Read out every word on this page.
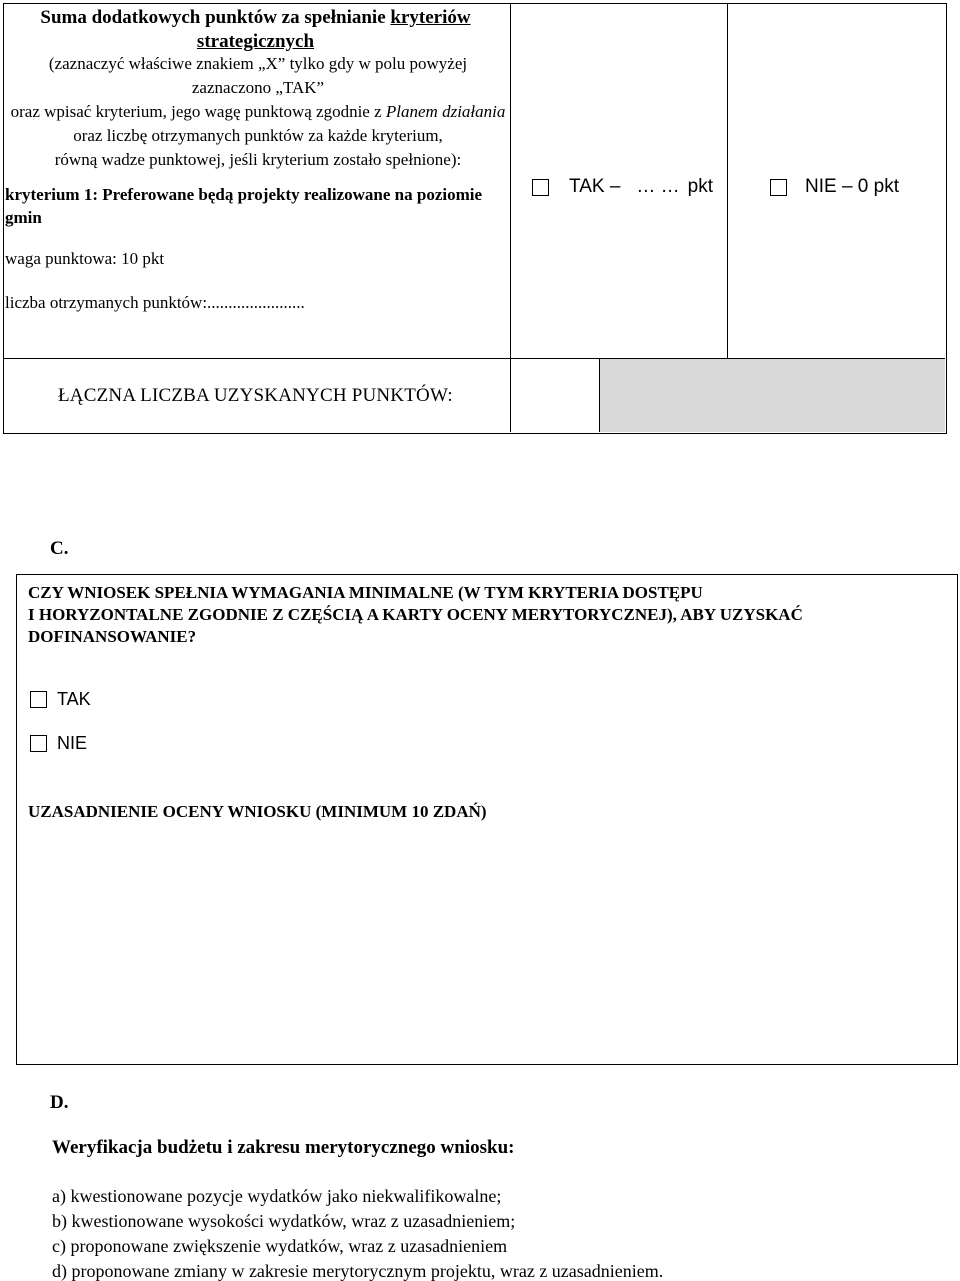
Suma dodatkowych punktów za spełnianie kryteriów strategicznych
(zaznaczyć właściwe znakiem „X” tylko gdy w polu powyżej
zaznaczono „TAK”
oraz wpisać kryterium, jego wagę punktową zgodnie z Planem działania oraz liczbę otrzymanych punktów za każde kryterium,
równą wadze punktowej, jeśli kryterium zostało spełnione):
kryterium 1: Preferowane będą projekty realizowane na poziomie gmin
waga punktowa: 10 pkt
liczba otrzymanych punktów:.......................
TAK – … … pkt	NIE – 0 pkt
ŁĄCZNA LICZBA UZYSKANYCH PUNKTÓW:
C.
CZY WNIOSEK SPEŁNIA WYMAGANIA MINIMALNE (W TYM KRYTERIA DOSTĘPU
I HORYZONTALNE ZGODNIE Z CZĘŚCIĄ A KARTY OCENY MERYTORYCZNEJ), ABY UZYSKAĆ
DOFINANSOWANIE?
TAK
NIE
UZASADNIENIE OCENY WNIOSKU (MINIMUM 10 ZDAŃ)
D.
Weryfikacja budżetu i zakresu merytorycznego wniosku:
a) kwestionowane pozycje wydatków jako niekwalifikowalne;
b) kwestionowane wysokości wydatków, wraz z uzasadnieniem;
c) proponowane zwiększenie wydatków, wraz z uzasadnieniem
d) proponowane zmiany w zakresie merytorycznym projektu, wraz z uzasadnieniem.
